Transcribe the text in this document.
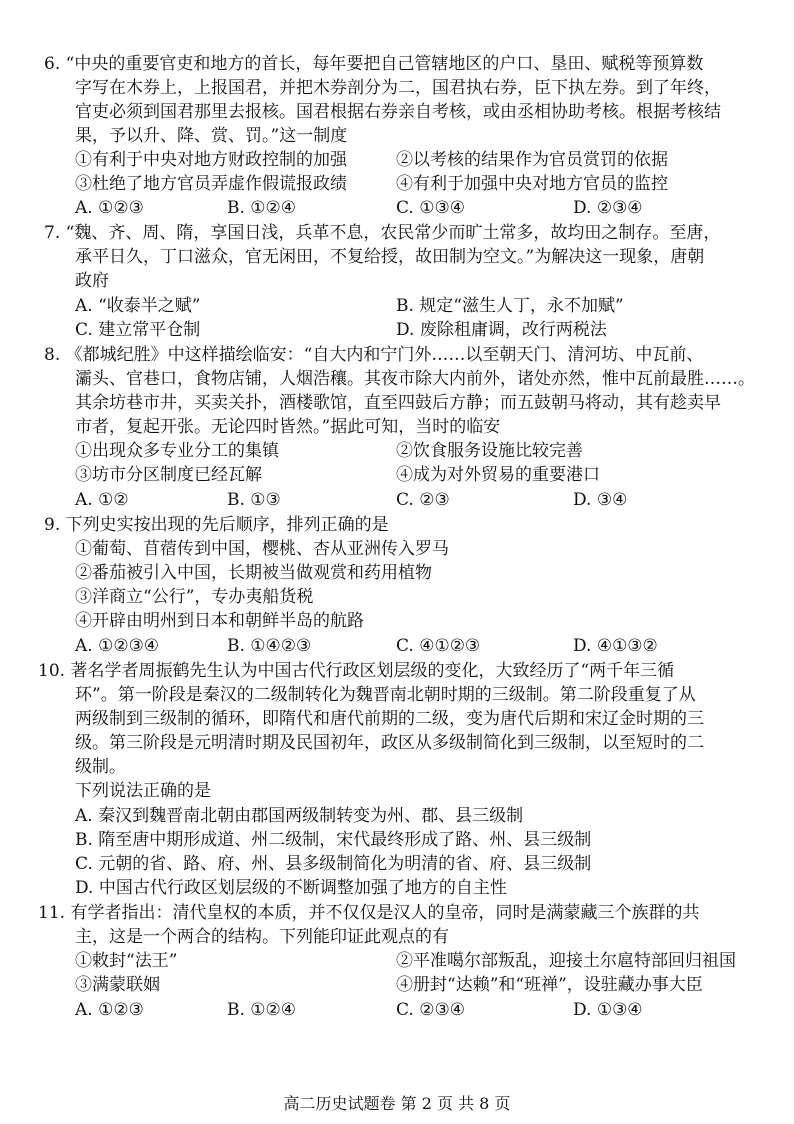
6. “中央的重要官吏和地方的首长，每年要把自己管辖地区的户口、垦田、赋税等预算数
字写在木券上，上报国君，并把木券剖分为二，国君执右券，臣下执左券。到了年终，
官吏必须到国君那里去报核。国君根据右券亲自考核，或由丞相协助考核。根据考核结
果，予以升、降、赏、罚。”这一制度
①有利于中央对地方财政控制的加强	②以考核的结果作为官员赏罚的依据
③杜绝了地方官员弄虚作假谎报政绩	④有利于加强中央对地方官员的监控
A. ①②③	B. ①②④	C. ①③④	D. ②③④
7. “魏、齐、周、隋，享国日浅，兵革不息，农民常少而旷土常多，故均田之制存。至唐，
承平日久，丁口滋众，官无闲田，不复给授，故田制为空文。”为解决这一现象，唐朝
政府
A. “收泰半之赋”	B. 规定“滋生人丁，永不加赋”
C. 建立常平仓制	D. 废除租庸调，改行两税法
8. 《都城纪胜》中这样描绘临安：“自大内和宁门外……以至朝天门、清河坊、中瓦前、
灞头、官巷口，食物店铺，人烟浩穰。其夜市除大内前外，诸处亦然，惟中瓦前最胜……。
其余坊巷市井，买卖关扑，酒楼歌馆，直至四鼓后方静；而五鼓朝马将动，其有趁卖早
市者，复起开张。无论四时皆然。”据此可知，当时的临安
①出现众多专业分工的集镇	②饮食服务设施比较完善
③坊市分区制度已经瓦解	④成为对外贸易的重要港口
A. ①②	B. ①③	C. ②③	D. ③④
9. 下列史实按出现的先后顺序，排列正确的是
①葡萄、苜蓿传到中国，樱桃、杏从亚洲传入罗马
②番茄被引入中国，长期被当做观赏和药用植物
③洋商立“公行”，专办夷船货税
④开辟由明州到日本和朝鲜半岛的航路
A. ①②③④	B. ①④②③	C. ④①②③	D. ④①③②
10. 著名学者周振鹤先生认为中国古代行政区划层级的变化，大致经历了“两千年三循
环”。第一阶段是秦汉的二级制转化为魏晋南北朝时期的三级制。第二阶段重复了从
两级制到三级制的循环，即隋代和唐代前期的二级，变为唐代后期和宋辽金时期的三
级。第三阶段是元明清时期及民国初年，政区从多级制简化到三级制，以至短时的二
级制。
下列说法正确的是
A. 秦汉到魏晋南北朝由郡国两级制转变为州、郡、县三级制
B. 隋至唐中期形成道、州二级制，宋代最终形成了路、州、县三级制
C. 元朝的省、路、府、州、县多级制简化为明清的省、府、县三级制
D. 中国古代行政区划层级的不断调整加强了地方的自主性
11. 有学者指出：清代皇权的本质，并不仅仅是汉人的皇帝，同时是满蒙藏三个族群的共
主，这是一个两合的结构。下列能印证此观点的有
①敕封“法王”	②平准噶尔部叛乱，迎接土尔扈特部回归祖国
③满蒙联姻	④册封“达赖”和“班禅”，设驻藏办事大臣
A. ①②③	B. ①②④	C. ②③④	D. ①③④
高二历史试题卷 第 2 页 共 8 页
